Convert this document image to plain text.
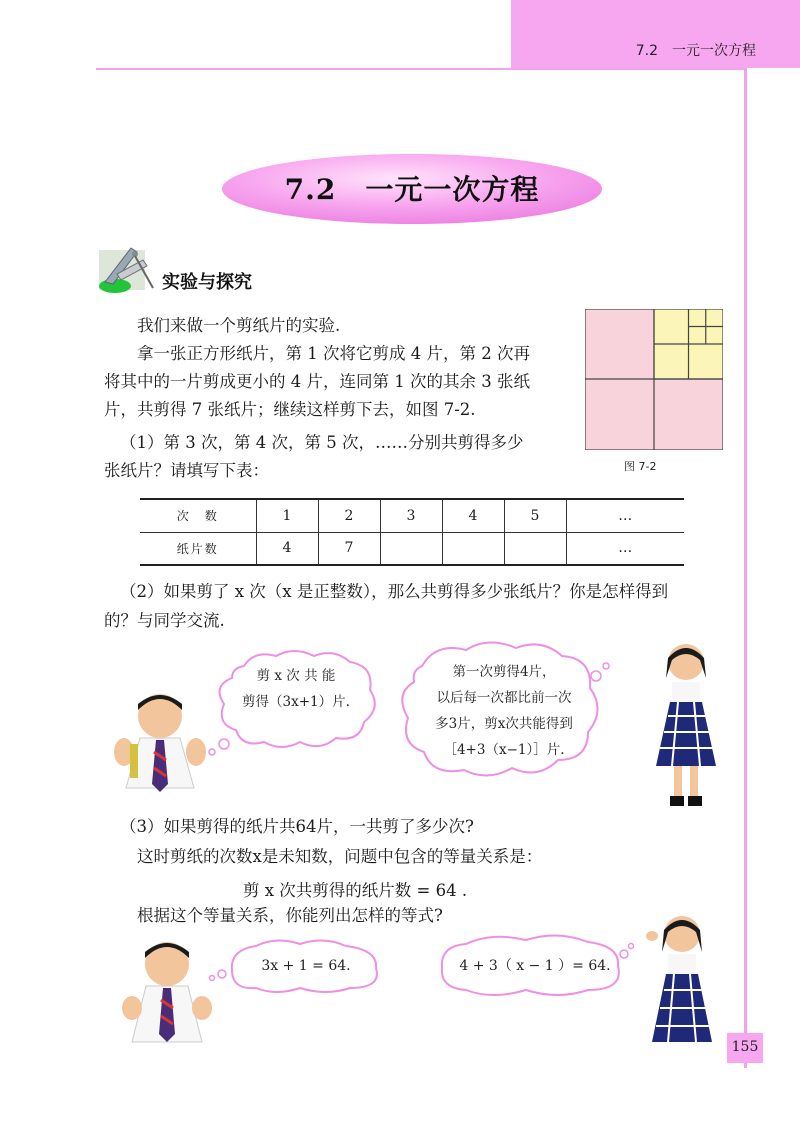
7.2　一元一次方程
7.2　一元一次方程
实验与探究
我们来做一个剪纸片的实验.
拿一张正方形纸片，第 1 次将它剪成 4 片，第 2 次再
将其中的一片剪成更小的 4 片，连同第 1 次的其余 3 张纸
片，共剪得 7 张纸片；继续这样剪下去，如图 7-2.
（1）第 3 次，第 4 次，第 5 次，……分别共剪得多少
张纸片？请填写下表：	图 7-2
次　数	1	2	3	4	5	…
纸片数	4	7				…
（2）如果剪了 x 次（x 是正整数），那么共剪得多少张纸片？你是怎样得到
的？与同学交流.
剪 x 次 共 能
剪得（3x+1）片.
第一次剪得4片，
以后每一次都比前一次
多3片，剪x次共能得到
［4+3（x−1）］片.
（3）如果剪得的纸片共64片，一共剪了多少次?
这时剪纸的次数x是未知数，问题中包含的等量关系是：
剪 x 次共剪得的纸片数 = 64 .
根据这个等量关系，你能列出怎样的等式?
3x + 1 = 64.	4 + 3（ x − 1 ）= 64.
155
